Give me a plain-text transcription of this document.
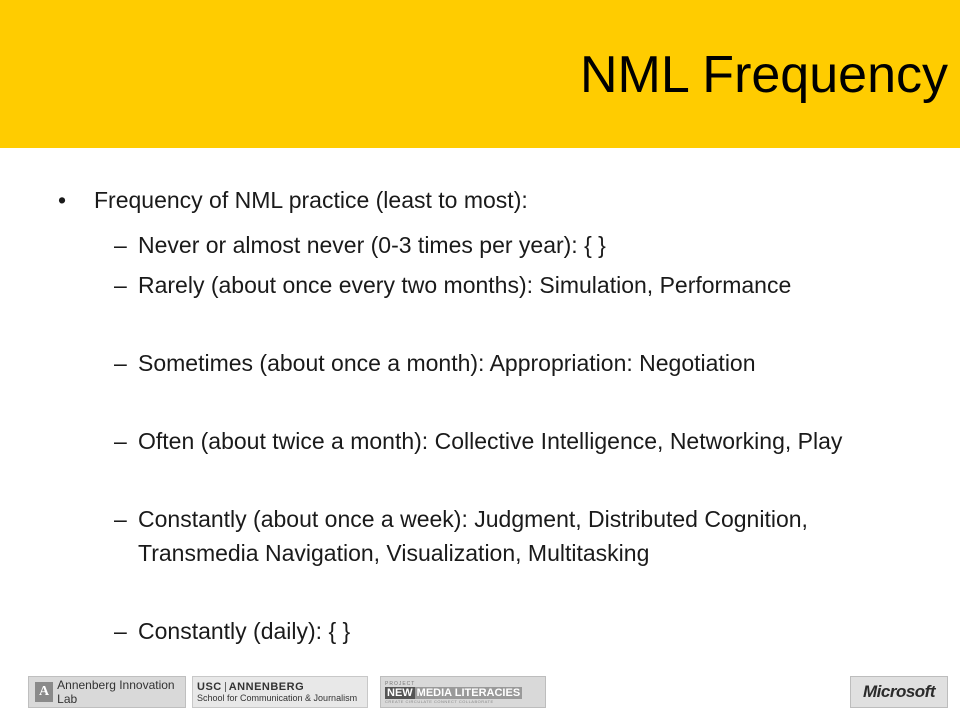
NML Frequency
•	Frequency of NML practice (least to most):
– Never or almost never (0-3 times per year): { }
– Rarely (about once every two months): Simulation, Performance
– Sometimes (about once a month): Appropriation: Negotiation
– Often (about twice a month): Collective Intelligence, Networking, Play
– Constantly (about once a week): Judgment, Distributed Cognition, Transmedia Navigation, Visualization, Multitasking
– Constantly (daily): { }
A Annenberg Innovation Lab
USC ANNENBERG
School for Communication & Journalism
PROJECT
NEW MEDIA LITERACIES
CREATE CIRCULATE CONNECT COLLABORATE	Microsoft
